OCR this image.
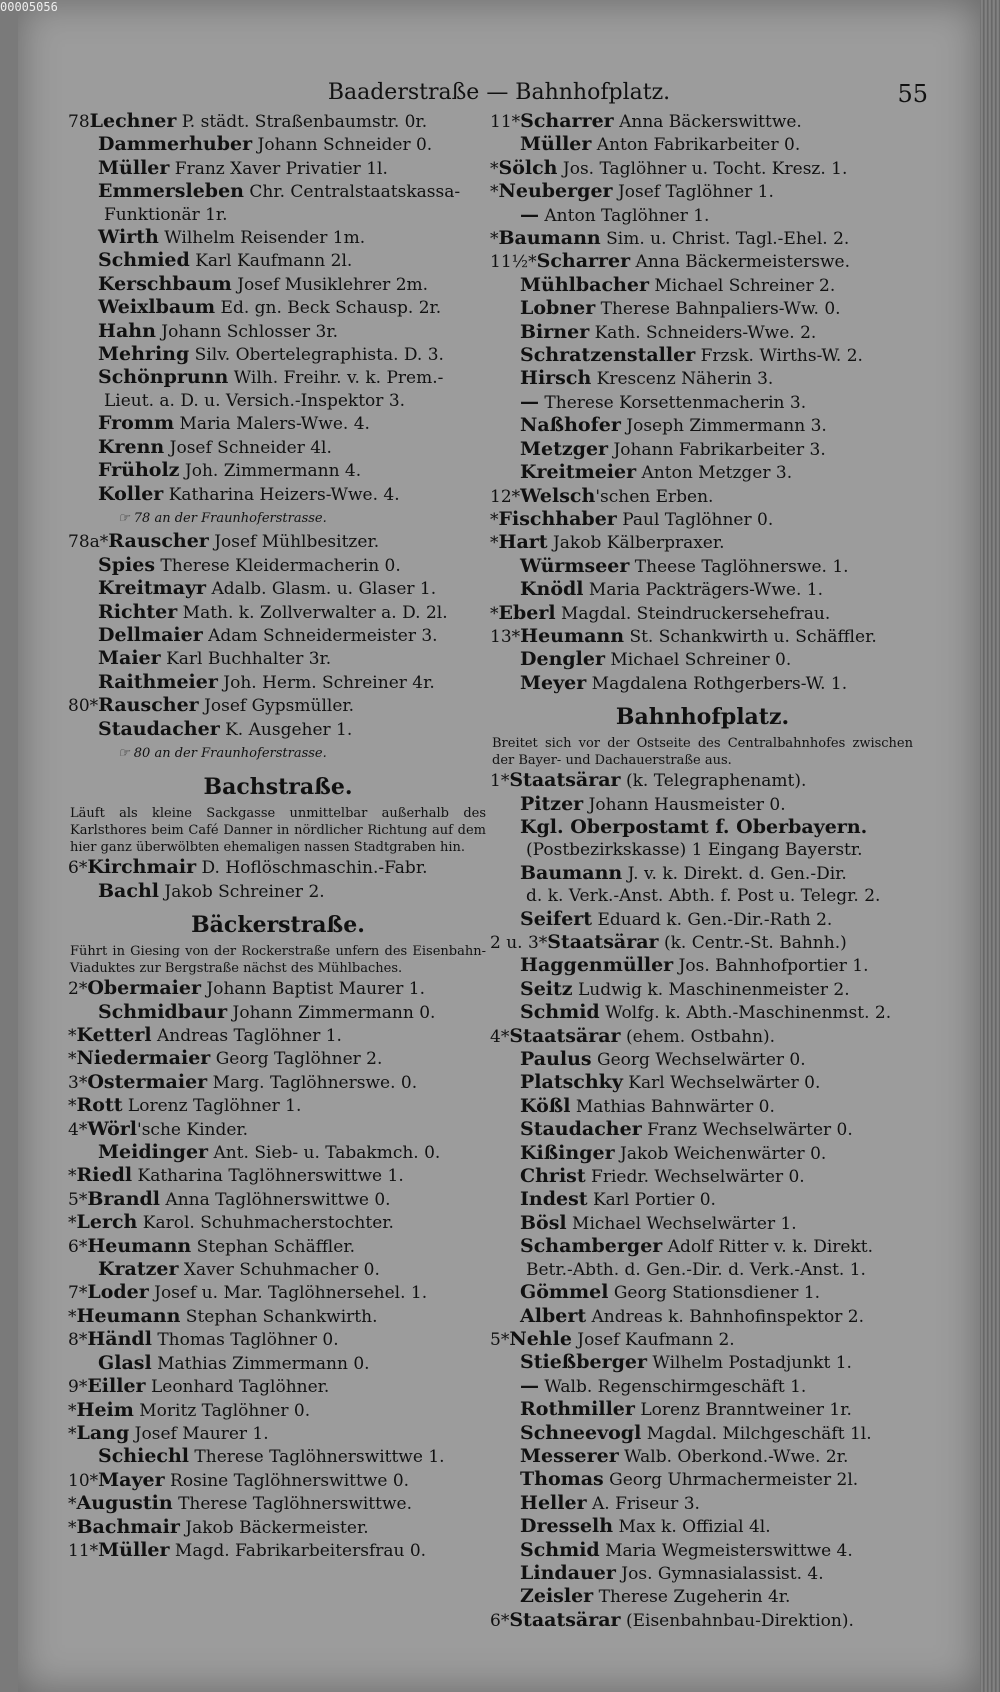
Baaderstraße — Bahnhofplatz.	55
78Lechner P. städt. Straßenbaumstr. 0r.
Dammerhuber Johann Schneider 0.
Müller Franz Xaver Privatier 1l.
Emmersleben Chr. Centralstaatskassa-
Funktionär 1r.
Wirth Wilhelm Reisender 1m.
Schmied Karl Kaufmann 2l.
Kerschbaum Josef Musiklehrer 2m.
Weixlbaum Ed. gn. Beck Schausp. 2r.
Hahn Johann Schlosser 3r.
Mehring Silv. Obertelegraphista. D. 3.
Schönprunn Wilh. Freihr. v. k. Prem.-
Lieut. a. D. u. Versich.-Inspektor 3.
Fromm Maria Malers-Wwe. 4.
Krenn Josef Schneider 4l.
Früholz Joh. Zimmermann 4.
Koller Katharina Heizers-Wwe. 4.
☞ 78 an der Fraunhoferstrasse.
78a*Rauscher Josef Mühlbesitzer.
Spies Therese Kleidermacherin 0.
Kreitmayr Adalb. Glasm. u. Glaser 1.
Richter Math. k. Zollverwalter a. D. 2l.
Dellmaier Adam Schneidermeister 3.
Maier Karl Buchhalter 3r.
Raithmeier Joh. Herm. Schreiner 4r.
80*Rauscher Josef Gypsmüller.
Staudacher K. Ausgeher 1.
☞ 80 an der Fraunhoferstrasse.
Bachstraße.
Läuft als kleine Sackgasse unmittelbar außerhalb des Karlsthores beim Café Danner in nördlicher Richtung auf dem hier ganz überwölbten ehemaligen nassen Stadtgraben hin.
6*Kirchmair D. Hoflöschmaschin.-Fabr.
Bachl Jakob Schreiner 2.
Bäckerstraße.
Führt in Giesing von der Rockerstraße unfern des Eisenbahn-Viaduktes zur Bergstraße nächst des Mühlbaches.
2*Obermaier Johann Baptist Maurer 1.
Schmidbaur Johann Zimmermann 0.
*Ketterl Andreas Taglöhner 1.
*Niedermaier Georg Taglöhner 2.
3*Ostermaier Marg. Taglöhnerswe. 0.
*Rott Lorenz Taglöhner 1.
4*Wörl'sche Kinder.
Meidinger Ant. Sieb- u. Tabakmch. 0.
*Riedl Katharina Taglöhnerswittwe 1.
5*Brandl Anna Taglöhnerswittwe 0.
*Lerch Karol. Schuhmacherstochter.
6*Heumann Stephan Schäffler.
Kratzer Xaver Schuhmacher 0.
7*Loder Josef u. Mar. Taglöhnersehel. 1.
*Heumann Stephan Schankwirth.
8*Händl Thomas Taglöhner 0.
Glasl Mathias Zimmermann 0.
9*Eiller Leonhard Taglöhner.
*Heim Moritz Taglöhner 0.
*Lang Josef Maurer 1.
Schiechl Therese Taglöhnerswittwe 1.
10*Mayer Rosine Taglöhnerswittwe 0.
*Augustin Therese Taglöhnerswittwe.
*Bachmair Jakob Bäckermeister.
11*Müller Magd. Fabrikarbeitersfrau 0.
11*Scharrer Anna Bäckerswittwe.
Müller Anton Fabrikarbeiter 0.
*Sölch Jos. Taglöhner u. Tocht. Kresz. 1.
*Neuberger Josef Taglöhner 1.
— Anton Taglöhner 1.
*Baumann Sim. u. Christ. Tagl.-Ehel. 2.
11½*Scharrer Anna Bäckermeisterswe.
Mühlbacher Michael Schreiner 2.
Lobner Therese Bahnpaliers-Ww. 0.
Birner Kath. Schneiders-Wwe. 2.
Schratzenstaller Frzsk. Wirths-W. 2.
Hirsch Krescenz Näherin 3.
— Therese Korsettenmacherin 3.
Naßhofer Joseph Zimmermann 3.
Metzger Johann Fabrikarbeiter 3.
Kreitmeier Anton Metzger 3.
12*Welsch'schen Erben.
*Fischhaber Paul Taglöhner 0.
*Hart Jakob Kälberpraxer.
Würmseer Theese Taglöhnerswe. 1.
Knödl Maria Packträgers-Wwe. 1.
*Eberl Magdal. Steindruckersehefrau.
13*Heumann St. Schankwirth u. Schäffler.
Dengler Michael Schreiner 0.
Meyer Magdalena Rothgerbers-W. 1.
Bahnhofplatz.
Breitet sich vor der Ostseite des Centralbahnhofes zwischen der Bayer- und Dachauerstraße aus.
1*Staatsärar (k. Telegraphenamt).
Pitzer Johann Hausmeister 0.
Kgl. Oberpostamt f. Oberbayern.
(Postbezirkskasse) 1 Eingang Bayerstr.
Baumann J. v. k. Direkt. d. Gen.-Dir.
d. k. Verk.-Anst. Abth. f. Post u. Telegr. 2.
Seifert Eduard k. Gen.-Dir.-Rath 2.
2 u. 3*Staatsärar (k. Centr.-St. Bahnh.)
Haggenmüller Jos. Bahnhofportier 1.
Seitz Ludwig k. Maschinenmeister 2.
Schmid Wolfg. k. Abth.-Maschinenmst. 2.
4*Staatsärar (ehem. Ostbahn).
Paulus Georg Wechselwärter 0.
Platschky Karl Wechselwärter 0.
Kößl Mathias Bahnwärter 0.
Staudacher Franz Wechselwärter 0.
Kißinger Jakob Weichenwärter 0.
Christ Friedr. Wechselwärter 0.
Indest Karl Portier 0.
Bösl Michael Wechselwärter 1.
Schamberger Adolf Ritter v. k. Direkt.
Betr.-Abth. d. Gen.-Dir. d. Verk.-Anst. 1.
Gömmel Georg Stationsdiener 1.
Albert Andreas k. Bahnhofinspektor 2.
5*Nehle Josef Kaufmann 2.
Stießberger Wilhelm Postadjunkt 1.
— Walb. Regenschirmgeschäft 1.
Rothmiller Lorenz Branntweiner 1r.
Schneevogl Magdal. Milchgeschäft 1l.
Messerer Walb. Oberkond.-Wwe. 2r.
Thomas Georg Uhrmachermeister 2l.
Heller A. Friseur 3.
Dresselh Max k. Offizial 4l.
Schmid Maria Wegmeisterswittwe 4.
Lindauer Jos. Gymnasialassist. 4.
Zeisler Therese Zugeherin 4r.
6*Staatsärar (Eisenbahnbau-Direktion).
00005056
